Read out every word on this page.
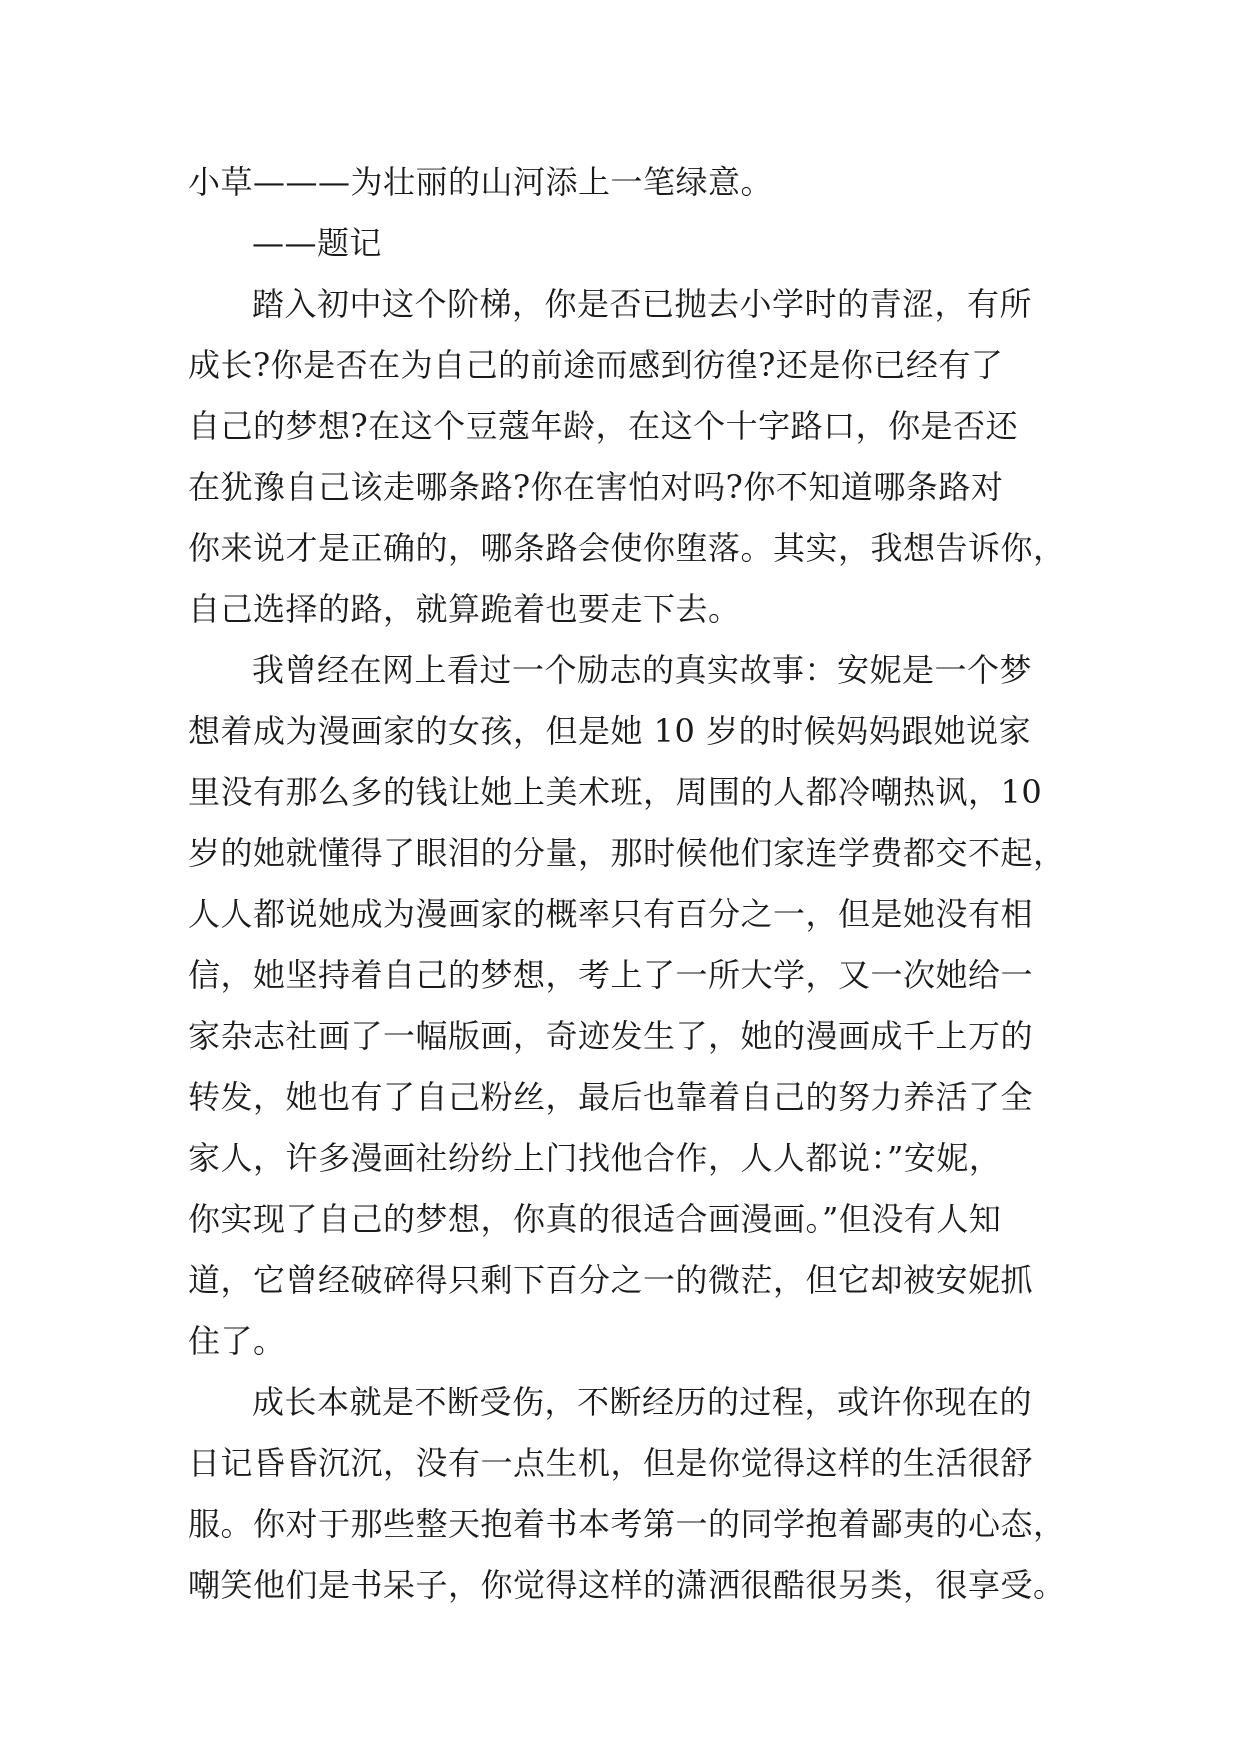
小草———为壮丽的山河添上一笔绿意。
——题记
踏入初中这个阶梯，你是否已抛去小学时的青涩，有所
成长?你是否在为自己的前途而感到彷徨?还是你已经有了
自己的梦想?在这个豆蔻年龄，在这个十字路口，你是否还
在犹豫自己该走哪条路?你在害怕对吗?你不知道哪条路对
你来说才是正确的，哪条路会使你堕落。其实，我想告诉你，
自己选择的路，就算跪着也要走下去。
我曾经在网上看过一个励志的真实故事：安妮是一个梦
想着成为漫画家的女孩，但是她 10 岁的时候妈妈跟她说家
里没有那么多的钱让她上美术班，周围的人都冷嘲热讽，10
岁的她就懂得了眼泪的分量，那时候他们家连学费都交不起，
人人都说她成为漫画家的概率只有百分之一，但是她没有相
信，她坚持着自己的梦想，考上了一所大学，又一次她给一
家杂志社画了一幅版画，奇迹发生了，她的漫画成千上万的
转发，她也有了自己粉丝，最后也靠着自己的努力养活了全
家人，许多漫画社纷纷上门找他合作，人人都说：”安妮，
你实现了自己的梦想，你真的很适合画漫画。”但没有人知
道，它曾经破碎得只剩下百分之一的微茫，但它却被安妮抓
住了。
成长本就是不断受伤，不断经历的过程，或许你现在的
日记昏昏沉沉，没有一点生机，但是你觉得这样的生活很舒
服。你对于那些整天抱着书本考第一的同学抱着鄙夷的心态，
嘲笑他们是书呆子，你觉得这样的潇洒很酷很另类，很享受。
